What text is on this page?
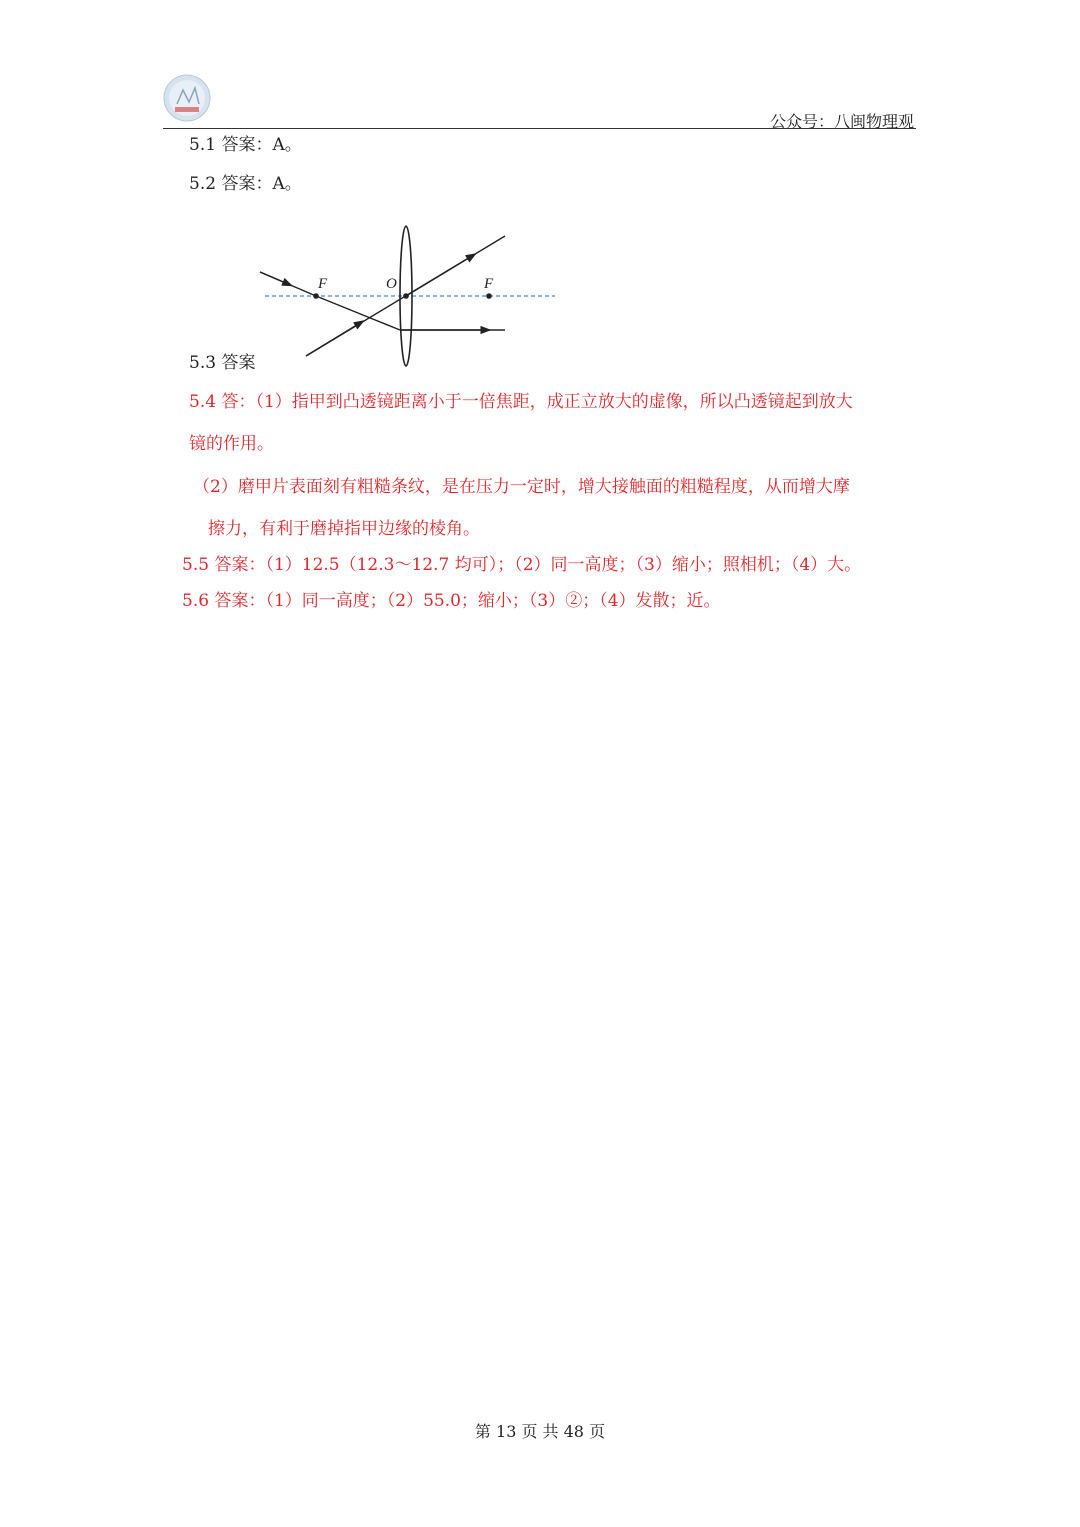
公众号：八闽物理观
5.1 答案：A。
5.2 答案：A。
F	O	F
5.3 答案
5.4 答：（1）指甲到凸透镜距离小于一倍焦距，成正立放大的虚像，所以凸透镜起到放大
镜的作用。
（2）磨甲片表面刻有粗糙条纹，是在压力一定时，增大接触面的粗糙程度，从而增大摩
擦力，有利于磨掉指甲边缘的棱角。
5.5 答案：（1）12.5（12.3～12.7 均可）；（2）同一高度；（3）缩小；照相机；（4）大。
5.6 答案：（1）同一高度；（2）55.0；缩小；（3）②；（4）发散；近。
第 13 页 共 48 页
